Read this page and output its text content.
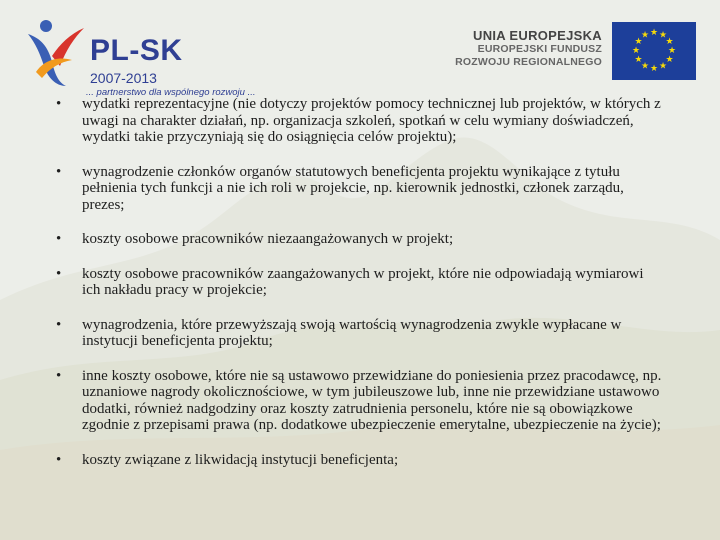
PL-SK
2007-2013
... partnerstwo dla wspólnego rozwoju ...
UNIA EUROPEJSKA
EUROPEJSKI FUNDUSZ
ROZWOJU REGIONALNEGO
★ ★
★
★
★
★
★
★
★
★
★
★
• wydatki reprezentacyjne (nie dotyczy projektów pomocy technicznej lub projektów, w których z uwagi na charakter działań, np. organizacja szkoleń, spotkań w celu wymiany doświadczeń, wydatki takie przyczyniają się do osiągnięcia celów projektu);
• wynagrodzenie członków organów statutowych beneficjenta projektu wynikające z tytułu pełnienia tych funkcji a nie ich roli w projekcie, np. kierownik jednostki, członek zarządu, prezes;
• koszty osobowe pracowników niezaangażowanych w projekt;
• koszty osobowe pracowników zaangażowanych w projekt, które nie odpowiadają wymiarowi ich nakładu pracy w projekcie;
• wynagrodzenia, które przewyższają swoją wartością wynagrodzenia zwykle wypłacane w instytucji beneficjenta projektu;
• inne koszty osobowe, które nie są ustawowo przewidziane do poniesienia przez pracodawcę, np. uznaniowe nagrody okolicznościowe, w tym jubileuszowe lub, inne nie przewidziane ustawowo dodatki, również nadgodziny oraz koszty zatrudnienia personelu, które nie są obowiązkowe zgodnie z przepisami prawa (np. dodatkowe ubezpieczenie emerytalne, ubezpieczenie na życie);
• koszty związane z likwidacją instytucji beneficjenta;
